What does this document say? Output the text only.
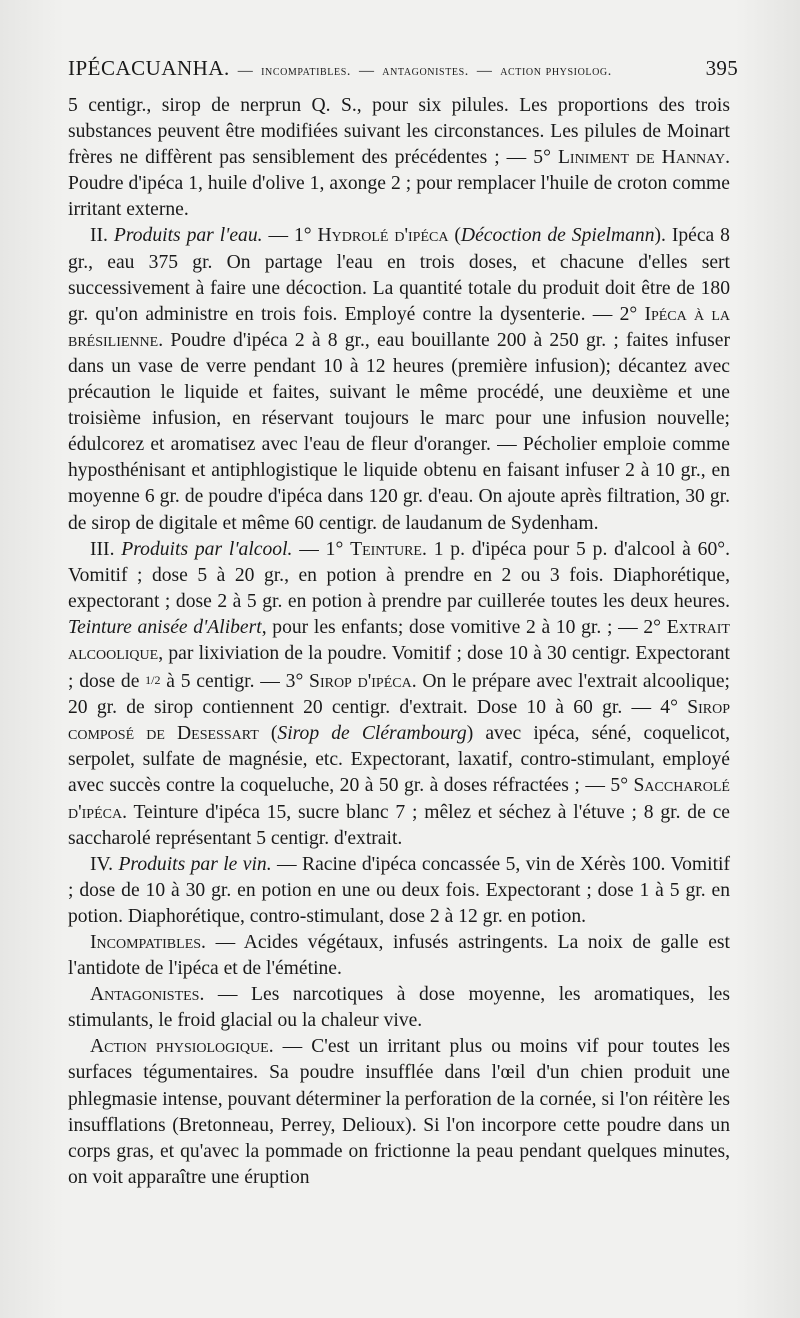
IPÉCACUANHA. — incompatibles. — antagonistes. — action physiolog.	395

5 centigr., sirop de nerprun Q. S., pour six pilules. Les proportions des trois substances peuvent être modifiées suivant les circonstances. Les pilules de Moinart frères ne diffèrent pas sensiblement des précédentes ; — 5° Liniment de Hannay. Poudre d'ipéca 1, huile d'olive 1, axonge 2 ; pour remplacer l'huile de croton comme irritant externe.

II. Produits par l'eau. — 1° Hydrolé d'ipéca (Décoction de Spielmann). Ipéca 8 gr., eau 375 gr. On partage l'eau en trois doses, et chacune d'elles sert successivement à faire une décoction. La quantité totale du produit doit être de 180 gr. qu'on administre en trois fois. Employé contre la dysenterie. — 2° Ipéca à la brésilienne. Poudre d'ipéca 2 à 8 gr., eau bouillante 200 à 250 gr. ; faites infuser dans un vase de verre pendant 10 à 12 heures (première infusion); décantez avec précaution le liquide et faites, suivant le même procédé, une deuxième et une troisième infusion, en réservant toujours le marc pour une infusion nouvelle; édulcorez et aromatisez avec l'eau de fleur d'oranger. — Pécholier emploie comme hyposthénisant et antiphlogistique le liquide obtenu en faisant infuser 2 à 10 gr., en moyenne 6 gr. de poudre d'ipéca dans 120 gr. d'eau. On ajoute après filtration, 30 gr. de sirop de digitale et même 60 centigr. de laudanum de Sydenham.

III. Produits par l'alcool. — 1° Teinture. 1 p. d'ipéca pour 5 p. d'alcool à 60°. Vomitif ; dose 5 à 20 gr., en potion à prendre en 2 ou 3 fois. Diaphorétique, expectorant ; dose 2 à 5 gr. en potion à prendre par cuillerée toutes les deux heures. Teinture anisée d'Alibert, pour les enfants; dose vomitive 2 à 10 gr. ; — 2° Extrait alcoolique, par lixiviation de la poudre. Vomitif ; dose 10 à 30 centigr. Expectorant ; dose de 1/2 à 5 centigr. — 3° Sirop d'ipéca. On le prépare avec l'extrait alcoolique; 20 gr. de sirop contiennent 20 centigr. d'extrait. Dose 10 à 60 gr. — 4° Sirop composé de Desessart (Sirop de Clérambourg) avec ipéca, séné, coquelicot, serpolet, sulfate de magnésie, etc. Expectorant, laxatif, contro-stimulant, employé avec succès contre la coqueluche, 20 à 50 gr. à doses réfractées ; — 5° Saccharolé d'ipéca. Teinture d'ipéca 15, sucre blanc 7 ; mêlez et séchez à l'étuve ; 8 gr. de ce saccharolé représentant 5 centigr. d'extrait.

IV. Produits par le vin. — Racine d'ipéca concassée 5, vin de Xérès 100. Vomitif ; dose de 10 à 30 gr. en potion en une ou deux fois. Expectorant ; dose 1 à 5 gr. en potion. Diaphorétique, contro-stimulant, dose 2 à 12 gr. en potion.

Incompatibles. — Acides végétaux, infusés astringents. La noix de galle est l'antidote de l'ipéca et de l'émétine.

Antagonistes. — Les narcotiques à dose moyenne, les aromatiques, les stimulants, le froid glacial ou la chaleur vive.

Action physiologique. — C'est un irritant plus ou moins vif pour toutes les surfaces tégumentaires. Sa poudre insufflée dans l'œil d'un chien produit une phlegmasie intense, pouvant déterminer la perforation de la cornée, si l'on réitère les insufflations (Bretonneau, Perrey, Delioux). Si l'on incorpore cette poudre dans un corps gras, et qu'avec la pommade on frictionne la peau pendant quelques minutes, on voit apparaître une éruption
